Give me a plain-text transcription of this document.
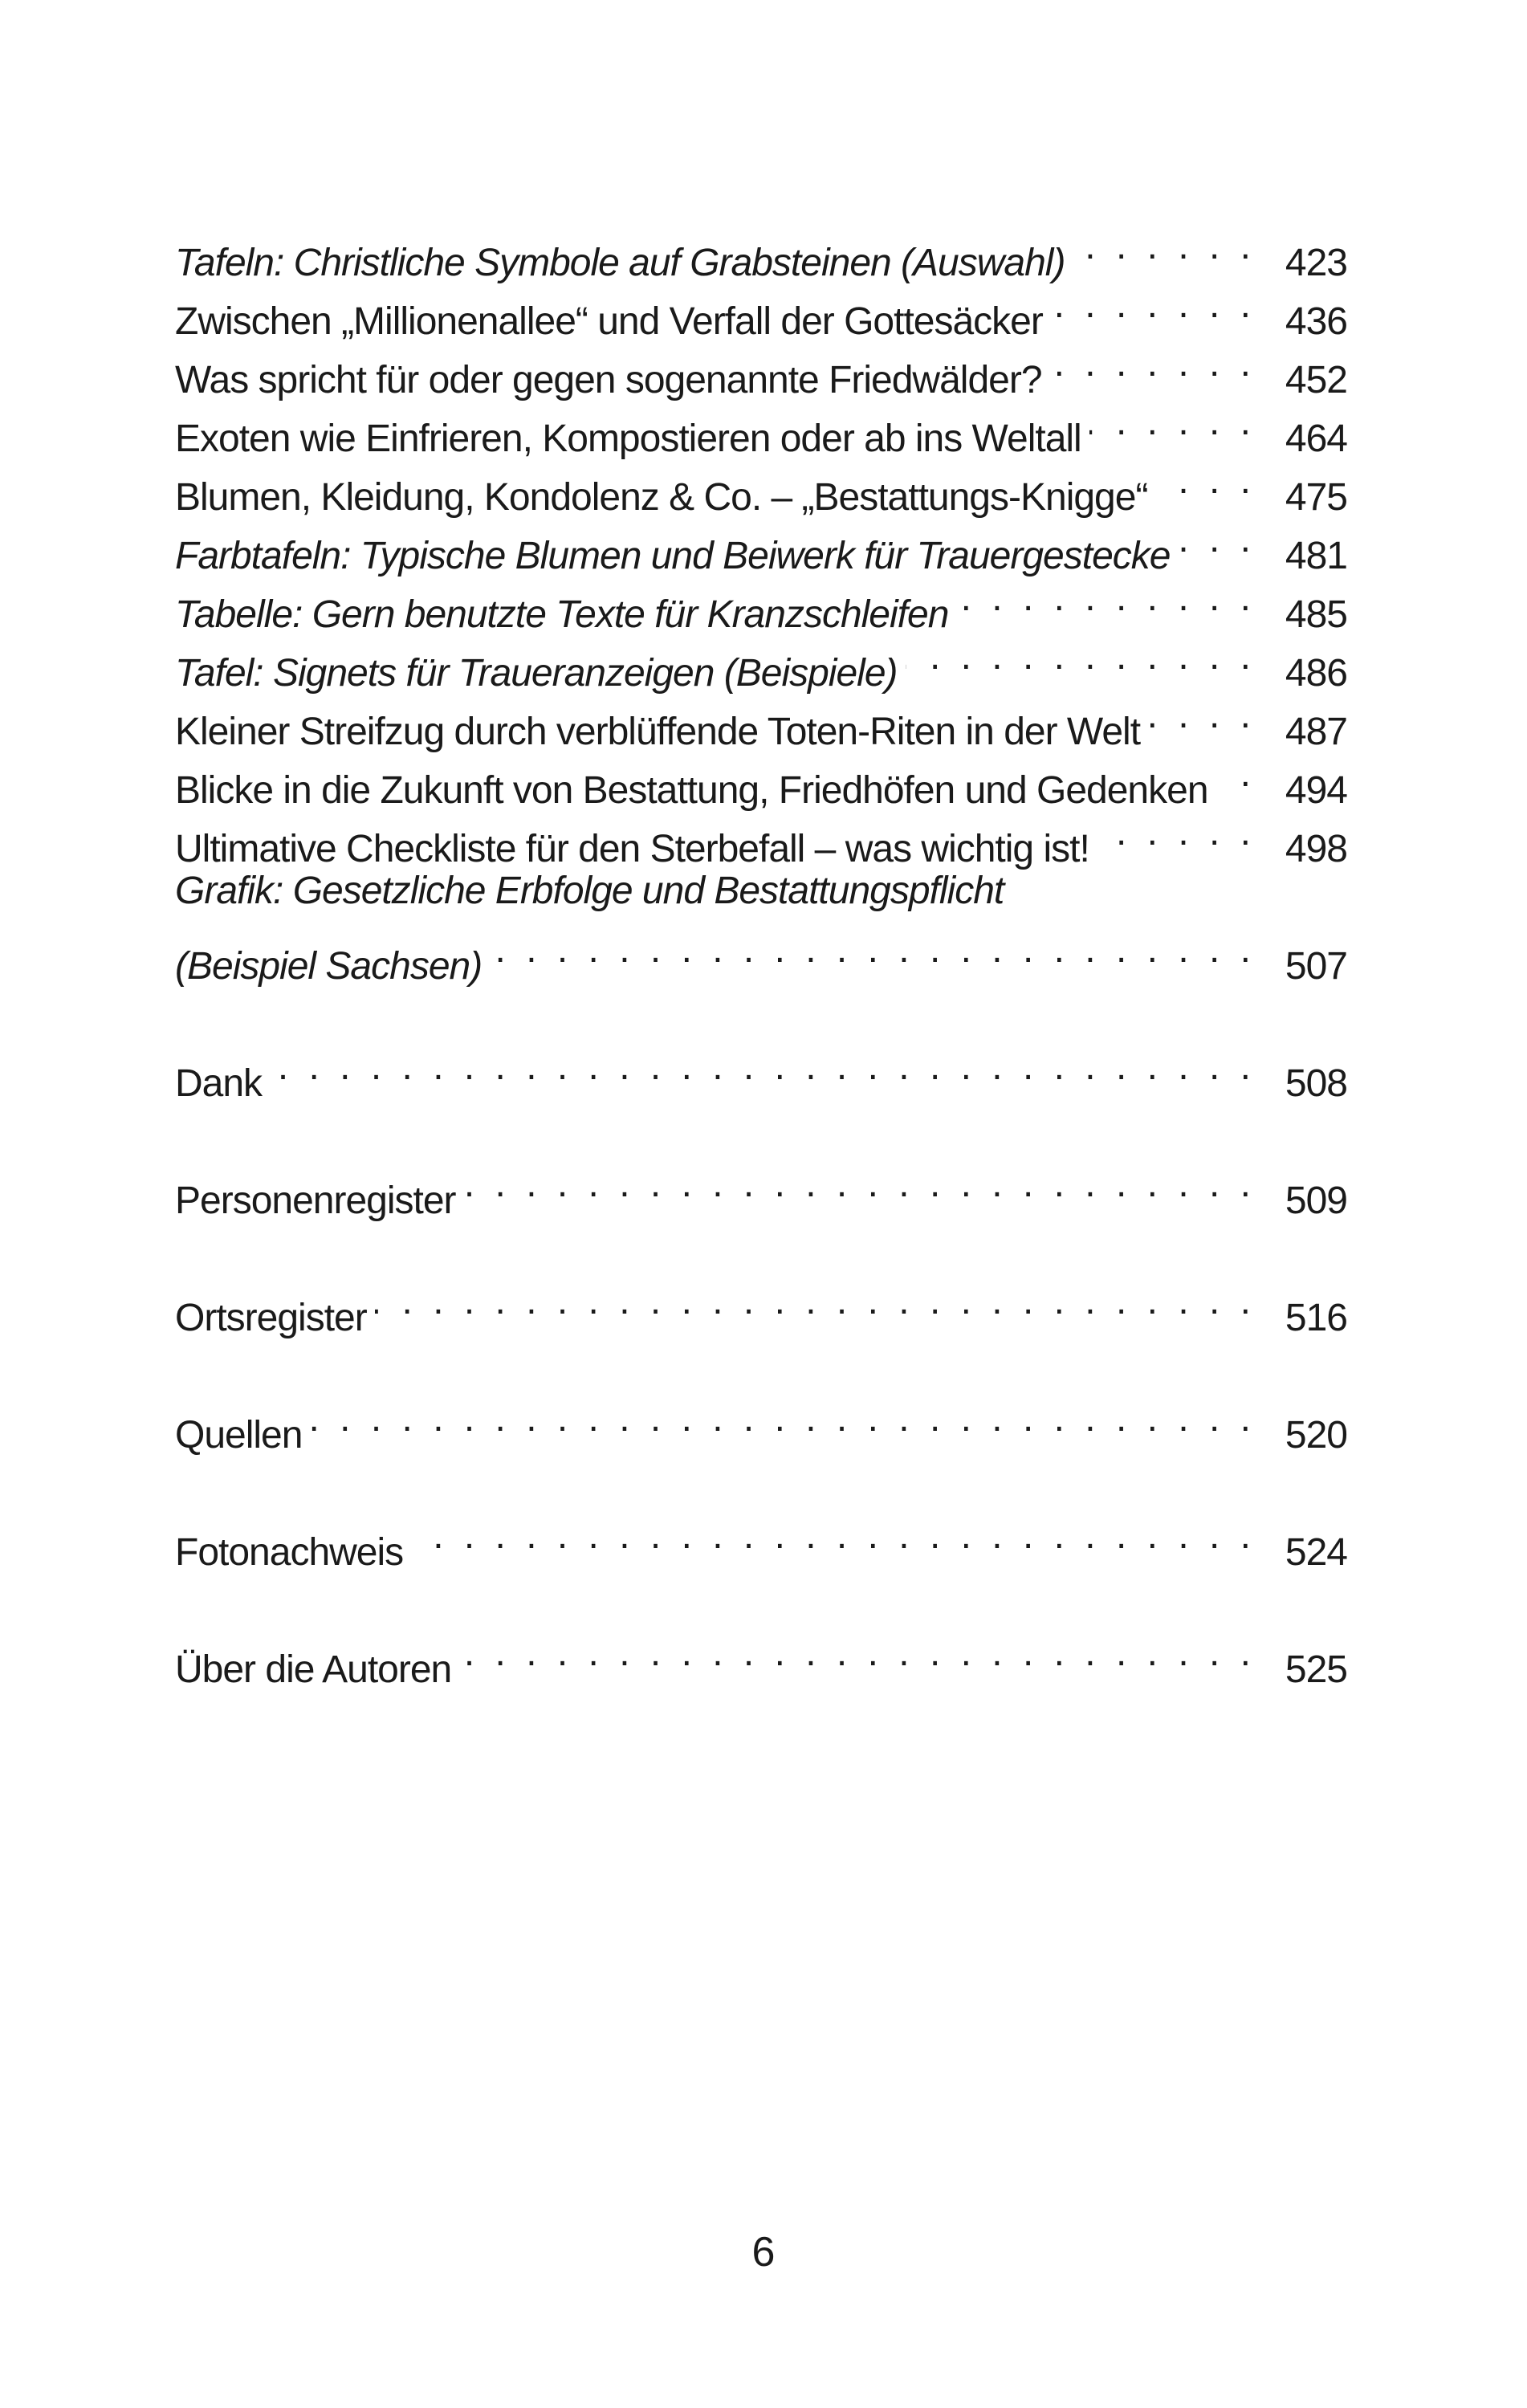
Tafeln: Christliche Symbole auf Grabsteinen (Auswahl) . . .	423
Zwischen „Millionenallee“ und Verfall der Gottesäcker . . .	436
Was spricht für oder gegen sogenannte Friedwälder? . . .	452
Exoten wie Einfrieren, Kompostieren oder ab ins Weltall . . .	464
Blumen, Kleidung, Kondolenz & Co. – „Bestattungs-Knigge“ . . .	475
Farbtafeln: Typische Blumen und Beiwerk für Trauergestecke . . .	481
Tabelle: Gern benutzte Texte für Kranzschleifen . . .	485
Tafel: Signets für Traueranzeigen (Beispiele) . . .	486
Kleiner Streifzug durch verblüffende Toten-Riten in der Welt . . .	487
Blicke in die Zukunft von Bestattung, Friedhöfen und Gedenken . . . 494
Ultimative Checkliste für den Sterbefall – was wichtig ist! . . .	498
Grafik: Gesetzliche Erbfolge und Bestattungspflicht
(Beispiel Sachsen) . . .	507
Dank . . .	508
Personenregister . . .	509
Ortsregister . . .	516
Quellen . . .	520
Fotonachweis . . .	524
Über die Autoren . . .	525
6
